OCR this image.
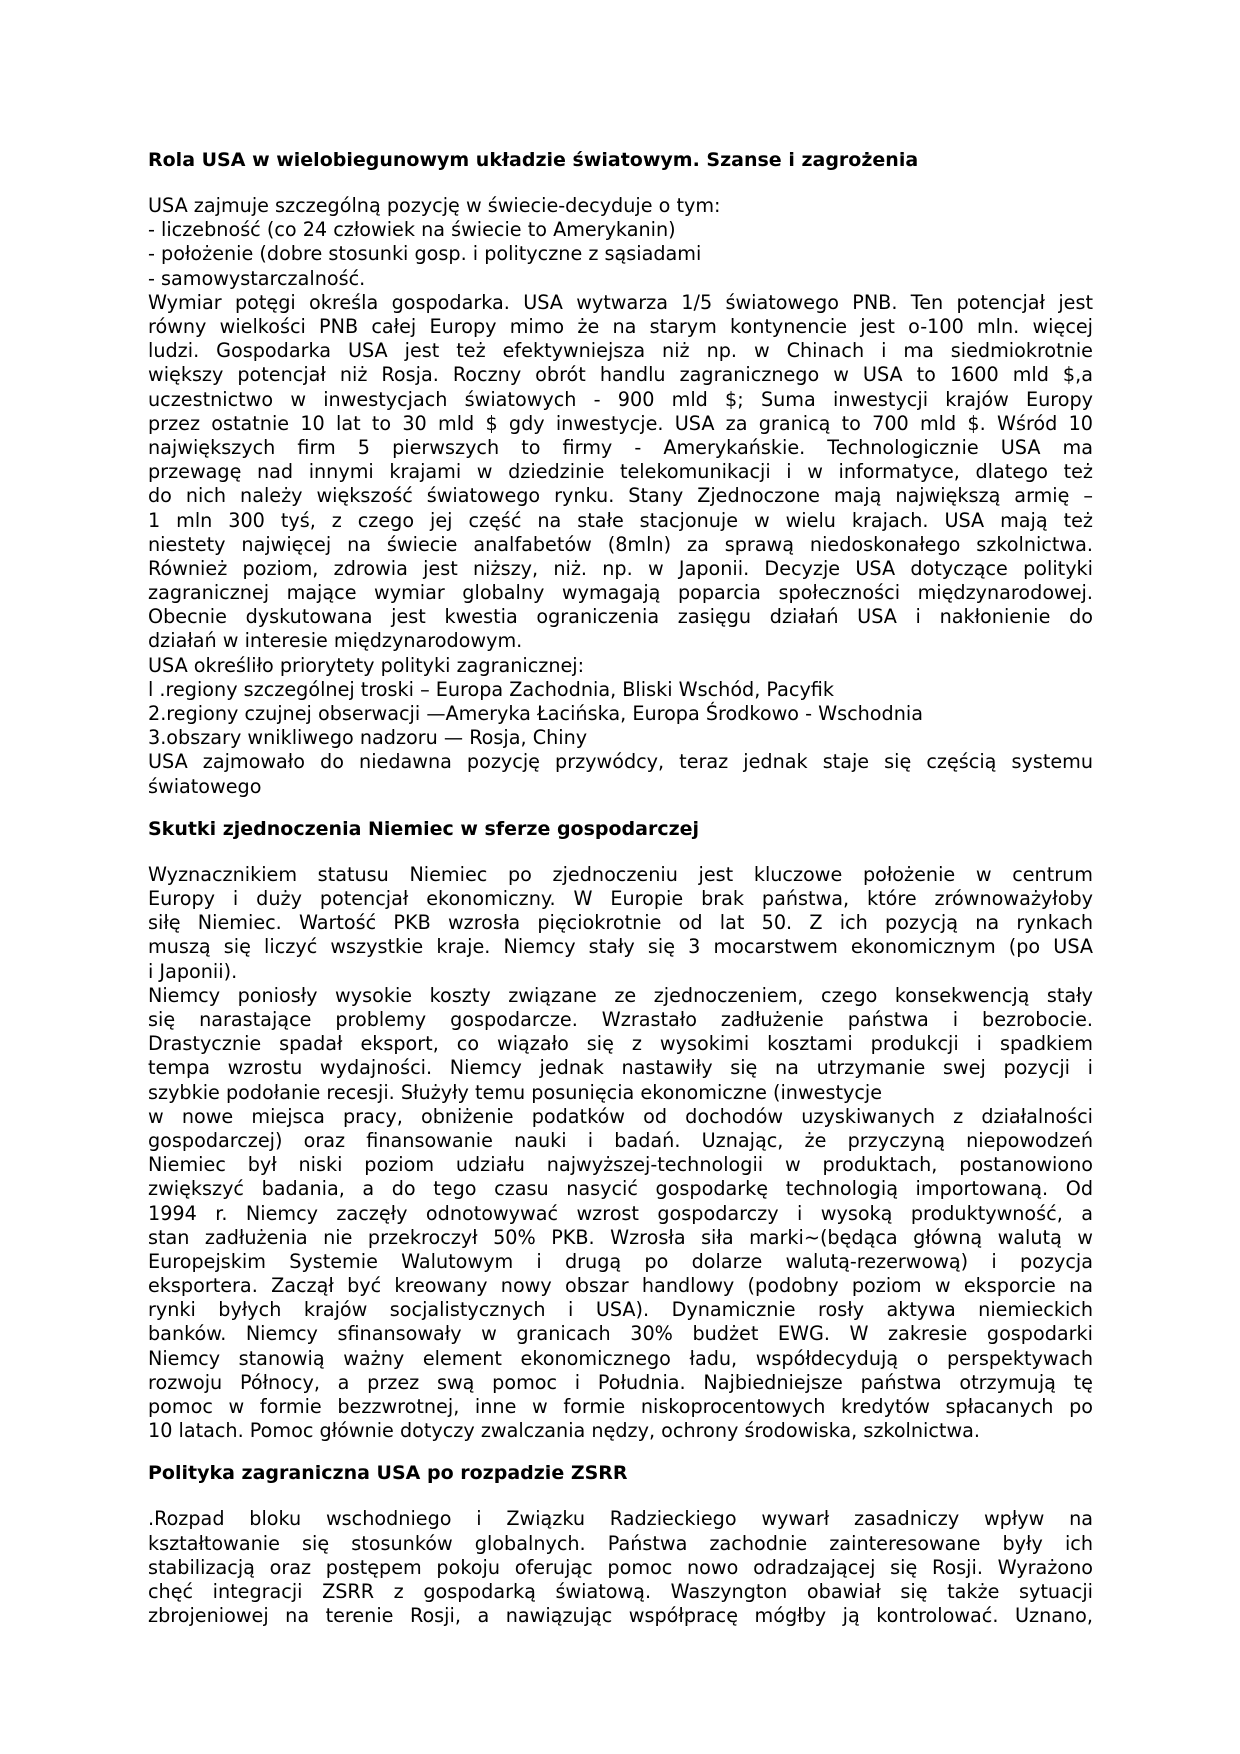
Rola USA w wielobiegunowym układzie światowym. Szanse i zagrożenia
USA zajmuje szczególną pozycję w świecie-decyduje o tym:
- liczebność (co 24 człowiek na świecie to Amerykanin)
- położenie (dobre stosunki gosp. i polityczne z sąsiadami
- samowystarczalność.
Wymiar potęgi określa gospodarka. USA wytwarza 1/5 światowego PNB. Ten potencjał jest
równy wielkości PNB całej Europy mimo że na starym kontynencie jest o-100 mln. więcej
ludzi. Gospodarka USA jest też efektywniejsza niż np. w Chinach i ma siedmiokrotnie
większy potencjał niż Rosja. Roczny obrót handlu zagranicznego w USA to 1600 mld $,a
uczestnictwo w inwestycjach światowych - 900 mld $; Suma inwestycji krajów Europy
przez ostatnie 10 lat to 30 mld $ gdy inwestycje. USA za granicą to 700 mld $. Wśród 10
największych firm 5 pierwszych to firmy - Amerykańskie. Technologicznie USA ma
przewagę nad innymi krajami w dziedzinie telekomunikacji i w informatyce, dlatego też
do nich należy większość światowego rynku. Stany Zjednoczone mają największą armię –
1 mln 300 tyś, z czego jej część na stałe stacjonuje w wielu krajach. USA mają też
niestety najwięcej na świecie analfabetów (8mln) za sprawą niedoskonałego szkolnictwa.
Również poziom, zdrowia jest niższy, niż. np. w Japonii. Decyzje USA dotyczące polityki
zagranicznej mające wymiar globalny wymagają poparcia społeczności międzynarodowej.
Obecnie dyskutowana jest kwestia ograniczenia zasięgu działań USA i nakłonienie do
działań w interesie międzynarodowym.
USA określiło priorytety polityki zagranicznej:
l .regiony szczególnej troski – Europa Zachodnia, Bliski Wschód, Pacyfik
2.regiony czujnej obserwacji —Ameryka Łacińska, Europa Środkowo - Wschodnia
3.obszary wnikliwego nadzoru — Rosja, Chiny
USA zajmowało do niedawna pozycję przywódcy, teraz jednak staje się częścią systemu
światowego
Skutki zjednoczenia Niemiec w sferze gospodarczej
Wyznacznikiem statusu Niemiec po zjednoczeniu jest kluczowe położenie w centrum
Europy i duży potencjał ekonomiczny. W Europie brak państwa, które zrównoważyłoby
siłę Niemiec. Wartość PKB wzrosła pięciokrotnie od lat 50. Z ich pozycją na rynkach
muszą się liczyć wszystkie kraje. Niemcy stały się 3 mocarstwem ekonomicznym (po USA
i Japonii).
Niemcy poniosły wysokie koszty związane ze zjednoczeniem, czego konsekwencją stały
się narastające problemy gospodarcze. Wzrastało zadłużenie państwa i bezrobocie.
Drastycznie spadał eksport, co wiązało się z wysokimi kosztami produkcji i spadkiem
tempa wzrostu wydajności. Niemcy jednak nastawiły się na utrzymanie swej pozycji i
szybkie podołanie recesji. Służyły temu posunięcia ekonomiczne (inwestycje
w nowe miejsca pracy, obniżenie podatków od dochodów uzyskiwanych z działalności
gospodarczej) oraz finansowanie nauki i badań. Uznając, że przyczyną niepowodzeń
Niemiec był niski poziom udziału najwyższej-technologii w produktach, postanowiono
zwiększyć badania, a do tego czasu nasycić gospodarkę technologią importowaną. Od
1994 r. Niemcy zaczęły odnotowywać wzrost gospodarczy i wysoką produktywność, a
stan zadłużenia nie przekroczył 50% PKB. Wzrosła siła marki~(będąca główną walutą w
Europejskim Systemie Walutowym i drugą po dolarze walutą-rezerwową) i pozycja
eksportera. Zaczął być kreowany nowy obszar handlowy (podobny poziom w eksporcie na
rynki byłych krajów socjalistycznych i USA). Dynamicznie rosły aktywa niemieckich
banków. Niemcy sfinansowały w granicach 30% budżet EWG. W zakresie gospodarki
Niemcy stanowią ważny element ekonomicznego ładu, współdecydują o perspektywach
rozwoju Północy, a przez swą pomoc i Południa. Najbiedniejsze państwa otrzymują tę
pomoc w formie bezzwrotnej, inne w formie niskoprocentowych kredytów spłacanych po
10 latach. Pomoc głównie dotyczy zwalczania nędzy, ochrony środowiska, szkolnictwa.
Polityka zagraniczna USA po rozpadzie ZSRR
.Rozpad bloku wschodniego i Związku Radzieckiego wywarł zasadniczy wpływ na
kształtowanie się stosunków globalnych. Państwa zachodnie zainteresowane były ich
stabilizacją oraz postępem pokoju oferując pomoc nowo odradzającej się Rosji. Wyrażono
chęć integracji ZSRR z gospodarką światową. Waszyngton obawiał się także sytuacji
zbrojeniowej na terenie Rosji, a nawiązując współpracę mógłby ją kontrolować. Uznano,
